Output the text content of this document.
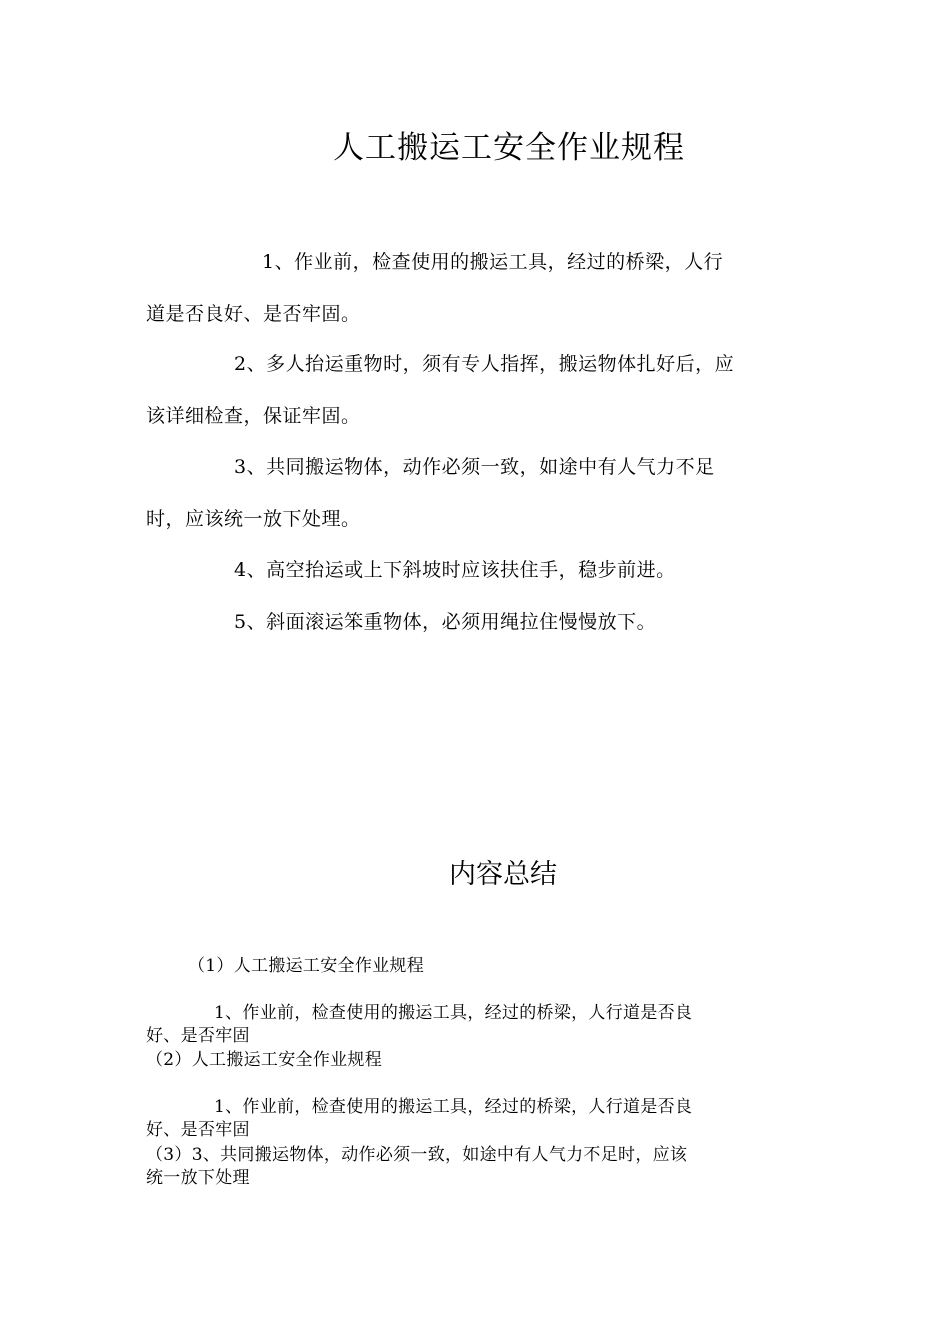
人工搬运工安全作业规程

1、作业前，检查使用的搬运工具，经过的桥梁，人行
道是否良好、是否牢固。

2、多人抬运重物时，须有专人指挥，搬运物体扎好后，应
该详细检查，保证牢固。

3、共同搬运物体，动作必须一致，如途中有人气力不足
时，应该统一放下处理。

4、高空抬运或上下斜坡时应该扶住手，稳步前进。

5、斜面滚运笨重物体，必须用绳拉住慢慢放下。

内容总结
（1）人工搬运工安全作业规程
1、作业前，检查使用的搬运工具，经过的桥梁，人行道是否良
好、是否牢固
（2）人工搬运工安全作业规程
1、作业前，检查使用的搬运工具，经过的桥梁，人行道是否良
好、是否牢固
（3）3、共同搬运物体，动作必须一致，如途中有人气力不足时，应该
统一放下处理
